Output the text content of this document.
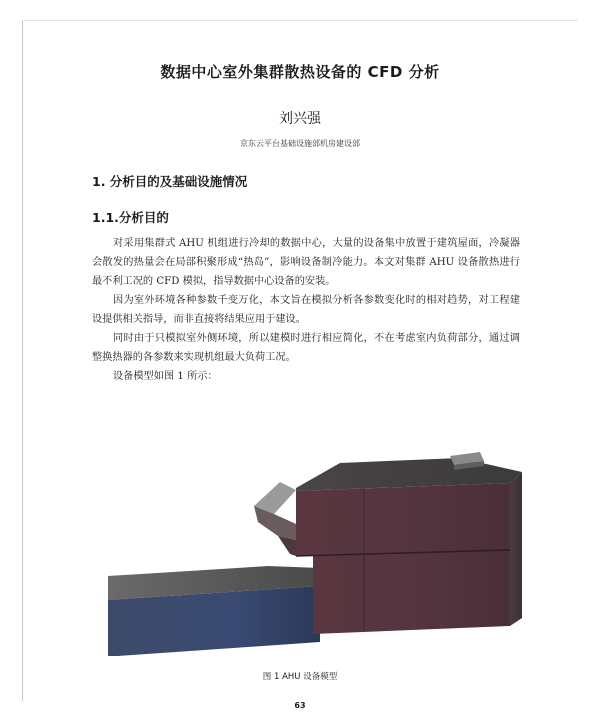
数据中心室外集群散热设备的 CFD 分析
刘兴强
京东云平台基础设施部机房建设部
1. 分析目的及基础设施情况
1.1.分析目的

对采用集群式 AHU 机组进行冷却的数据中心，大量的设备集中放置于建筑屋面，冷凝器会散发的热量会在局部积聚形成“热岛”，影响设备制冷能力。本文对集群 AHU 设备散热进行最不利工况的 CFD 模拟，指导数据中心设备的安装。

因为室外环境各种参数千变万化，本文旨在模拟分析各参数变化时的相对趋势，对工程建设提供相关指导，而非直接将结果应用于建设。

同时由于只模拟室外侧环境，所以建模时进行相应简化，不在考虑室内负荷部分，通过调整换热器的各参数来实现机组最大负荷工况。

设备模型如图 1 所示：

图 1 AHU 设备模型
63
